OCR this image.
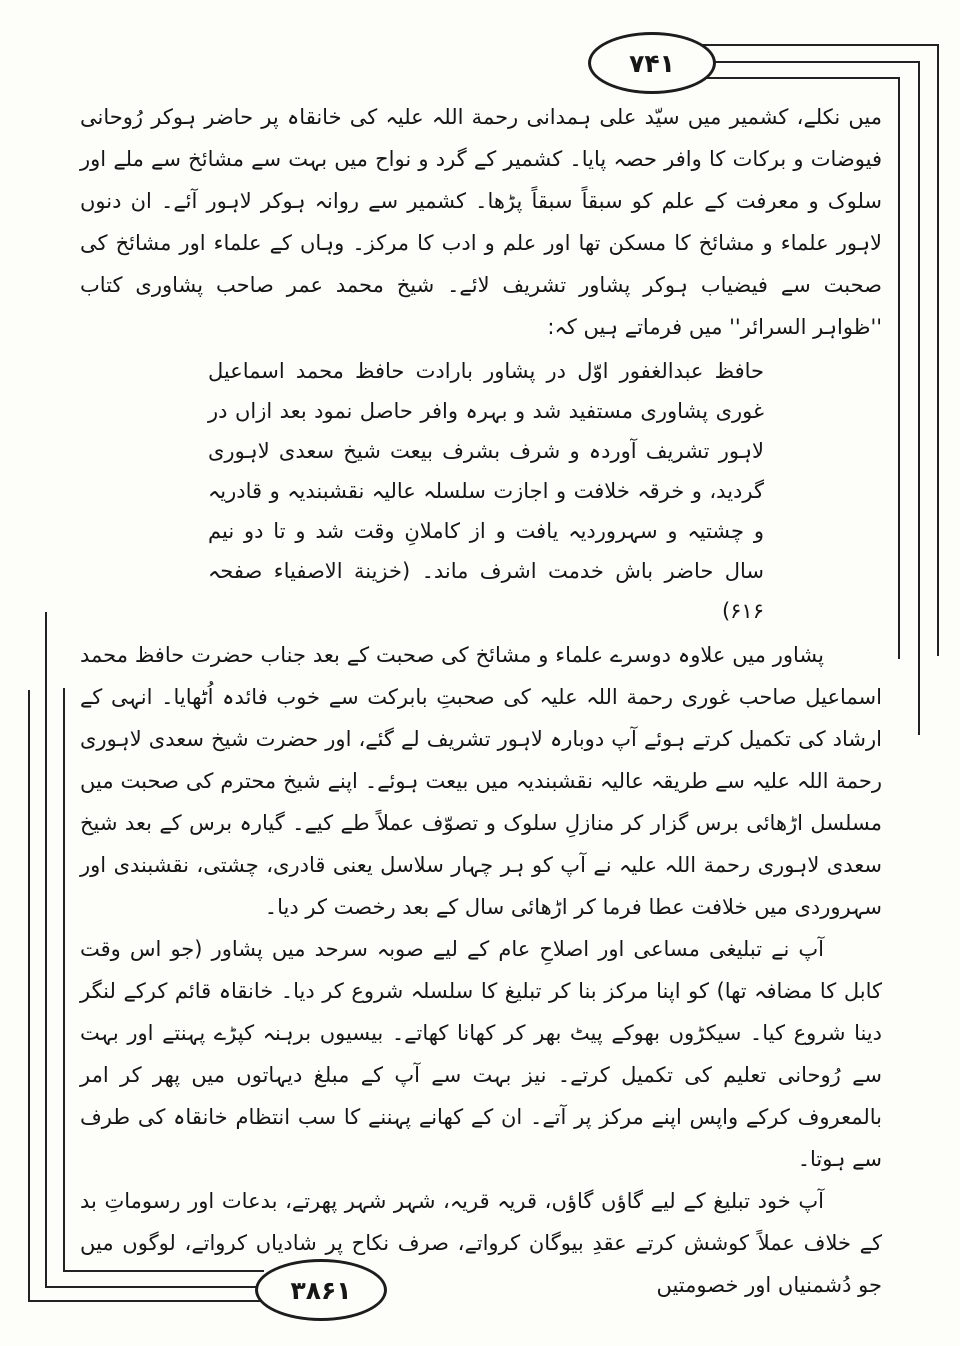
۷۴۱
۳۸۶۱

میں نکلے، کشمیر میں سیّد علی ہمدانی رحمة اللہ علیہ کی خانقاہ پر حاضر ہوکر رُوحانی فیوضات و برکات کا وافر حصہ پایا۔ کشمیر کے گرد و نواح میں بہت سے مشائخ سے ملے اور سلوک و معرفت کے علم کو سبقاً سبقاً پڑھا۔ کشمیر سے روانہ ہوکر لاہور آئے۔ ان دنوں لاہور علماء و مشائخ کا مسکن تھا اور علم و ادب کا مرکز۔ وہاں کے علماء اور مشائخ کی صحبت سے فیضیاب ہوکر پشاور تشریف لائے۔ شیخ محمد عمر صاحب پشاوری کتاب ''ظواہر السرائر'' میں فرماتے ہیں کہ:

حافظ عبدالغفور اوّل در پشاور بارادت حافظ محمد اسماعیل غوری پشاوری مستفید شد و بہرہ وافر حاصل نمود بعد ازاں در لاہور تشریف آوردہ و شرف بشرف بیعت شیخ سعدی لاہوری گردید، و خرقہ خلافت و اجازت سلسلہ عالیہ نقشبندیہ و قادریہ و چشتیہ و سہروردیہ یافت و از کاملانِ وقت شد و تا دو نیم سال حاضر باش خدمت اشرف ماند۔ (خزینة الاصفیاء صفحہ ۶۱۶)

پشاور میں علاوہ دوسرے علماء و مشائخ کی صحبت کے بعد جناب حضرت حافظ محمد اسماعیل صاحب غوری رحمة اللہ علیہ کی صحبتِ بابرکت سے خوب فائدہ اُٹھایا۔ انہی کے ارشاد کی تکمیل کرتے ہوئے آپ دوبارہ لاہور تشریف لے گئے، اور حضرت شیخ سعدی لاہوری رحمة اللہ علیہ سے طریقہ عالیہ نقشبندیہ میں بیعت ہوئے۔ اپنے شیخ محترم کی صحبت میں مسلسل اڑھائی برس گزار کر منازلِ سلوک و تصوّف عملاً طے کیے۔ گیارہ برس کے بعد شیخ سعدی لاہوری رحمة اللہ علیہ نے آپ کو ہر چہار سلاسل یعنی قادری، چشتی، نقشبندی اور سہروردی میں خلافت عطا فرما کر اڑھائی سال کے بعد رخصت کر دیا۔

آپ نے تبلیغی مساعی اور اصلاحِ عام کے لیے صوبہ سرحد میں پشاور (جو اس وقت کابل کا مضافہ تھا) کو اپنا مرکز بنا کر تبلیغ کا سلسلہ شروع کر دیا۔ خانقاہ قائم کرکے لنگر دینا شروع کیا۔ سیکڑوں بھوکے پیٹ بھر کر کھانا کھاتے۔ بیسیوں برہنہ کپڑے پہنتے اور بہت سے رُوحانی تعلیم کی تکمیل کرتے۔ نیز بہت سے آپ کے مبلغ دیہاتوں میں پھر کر امر بالمعروف کرکے واپس اپنے مرکز پر آتے۔ ان کے کھانے پہننے کا سب انتظام خانقاہ کی طرف سے ہوتا۔

آپ خود تبلیغ کے لیے گاؤں گاؤں، قریہ قریہ، شہر شہر پھرتے، بدعات اور رسوماتِ بد کے خلاف عملاً کوشش کرتے عقدِ بیوگان کرواتے، صرف نکاح پر شادیاں کرواتے، لوگوں میں جو دُشمنیاں اور خصومتیں
